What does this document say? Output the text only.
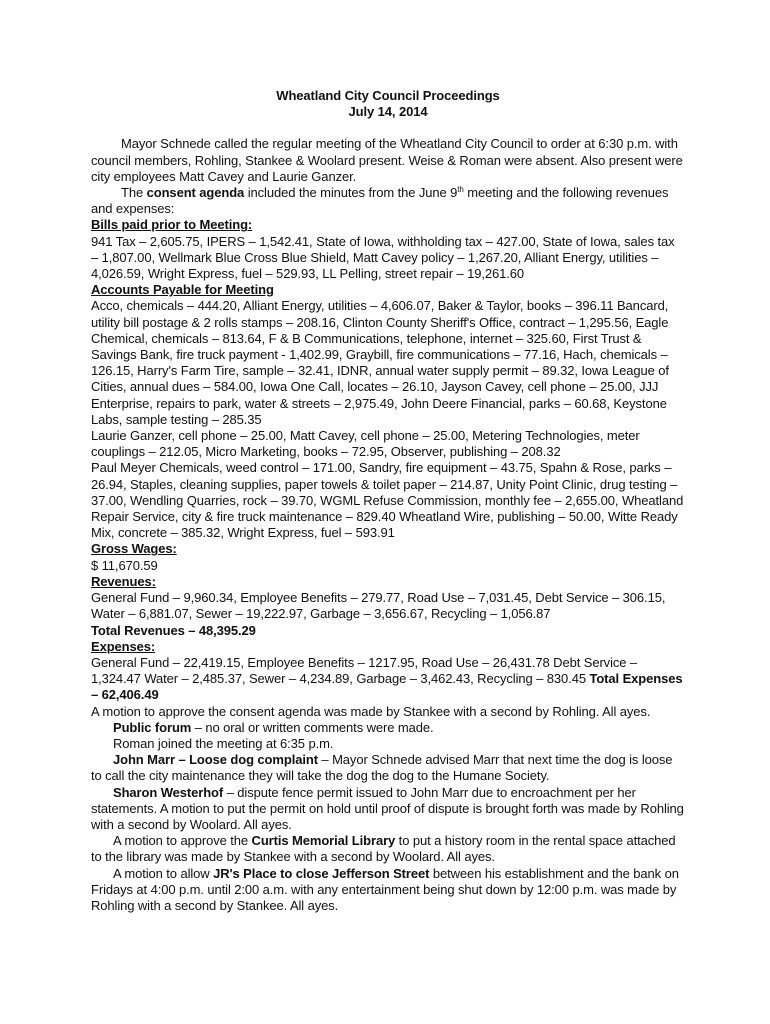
Wheatland City Council Proceedings
July 14, 2014

Mayor Schnede called the regular meeting of the Wheatland City Council to order at 6:30 p.m. with council members, Rohling, Stankee & Woolard present. Weise & Roman were absent. Also present were city employees Matt Cavey and Laurie Ganzer.

The consent agenda included the minutes from the June 9th meeting and the following revenues and expenses:

Bills paid prior to Meeting:

941 Tax – 2,605.75, IPERS – 1,542.41, State of Iowa, withholding tax – 427.00, State of Iowa, sales tax – 1,807.00, Wellmark Blue Cross Blue Shield, Matt Cavey policy – 1,267.20, Alliant Energy, utilities – 4,026.59, Wright Express, fuel – 529.93, LL Pelling, street repair – 19,261.60

Accounts Payable for Meeting

Acco, chemicals – 444.20, Alliant Energy, utilities – 4,606.07, Baker & Taylor, books – 396.11 Bancard, utility bill postage & 2 rolls stamps – 208.16, Clinton County Sheriff's Office, contract – 1,295.56, Eagle Chemical, chemicals – 813.64, F & B Communications, telephone, internet – 325.60, First Trust & Savings Bank, fire truck payment - 1,402.99, Graybill, fire communications – 77.16, Hach, chemicals – 126.15, Harry's Farm Tire, sample – 32.41, IDNR, annual water supply permit – 89.32, Iowa League of Cities, annual dues – 584.00, Iowa One Call, locates – 26.10, Jayson Cavey, cell phone – 25.00, JJJ Enterprise, repairs to park, water & streets – 2,975.49, John Deere Financial, parks – 60.68, Keystone Labs, sample testing – 285.35

Laurie Ganzer, cell phone – 25.00, Matt Cavey, cell phone – 25.00, Metering Technologies, meter couplings – 212.05, Micro Marketing, books – 72.95, Observer, publishing – 208.32

Paul Meyer Chemicals, weed control – 171.00, Sandry, fire equipment – 43.75, Spahn & Rose, parks – 26.94, Staples, cleaning supplies, paper towels & toilet paper – 214.87, Unity Point Clinic, drug testing – 37.00, Wendling Quarries, rock – 39.70, WGML Refuse Commission, monthly fee – 2,655.00, Wheatland Repair Service, city & fire truck maintenance – 829.40 Wheatland Wire, publishing – 50.00, Witte Ready Mix, concrete – 385.32, Wright Express, fuel – 593.91

Gross Wages:

$ 11,670.59

Revenues:

General Fund – 9,960.34, Employee Benefits – 279.77, Road Use – 7,031.45, Debt Service – 306.15, Water – 6,881.07, Sewer – 19,222.97, Garbage – 3,656.67, Recycling – 1,056.87

Total Revenues – 48,395.29

Expenses:

General Fund – 22,419.15, Employee Benefits – 1217.95, Road Use – 26,431.78 Debt Service – 1,324.47 Water – 2,485.37, Sewer – 4,234.89, Garbage – 3,462.43, Recycling – 830.45 Total Expenses – 62,406.49

A motion to approve the consent agenda was made by Stankee with a second by Rohling. All ayes.

Public forum – no oral or written comments were made.

Roman joined the meeting at 6:35 p.m.

John Marr – Loose dog complaint – Mayor Schnede advised Marr that next time the dog is loose to call the city maintenance they will take the dog the dog to the Humane Society.

Sharon Westerhof – dispute fence permit issued to John Marr due to encroachment per her statements. A motion to put the permit on hold until proof of dispute is brought forth was made by Rohling with a second by Woolard. All ayes.

A motion to approve the Curtis Memorial Library to put a history room in the rental space attached to the library was made by Stankee with a second by Woolard. All ayes.

A motion to allow JR's Place to close Jefferson Street between his establishment and the bank on Fridays at 4:00 p.m. until 2:00 a.m. with any entertainment being shut down by 12:00 p.m. was made by Rohling with a second by Stankee. All ayes.
